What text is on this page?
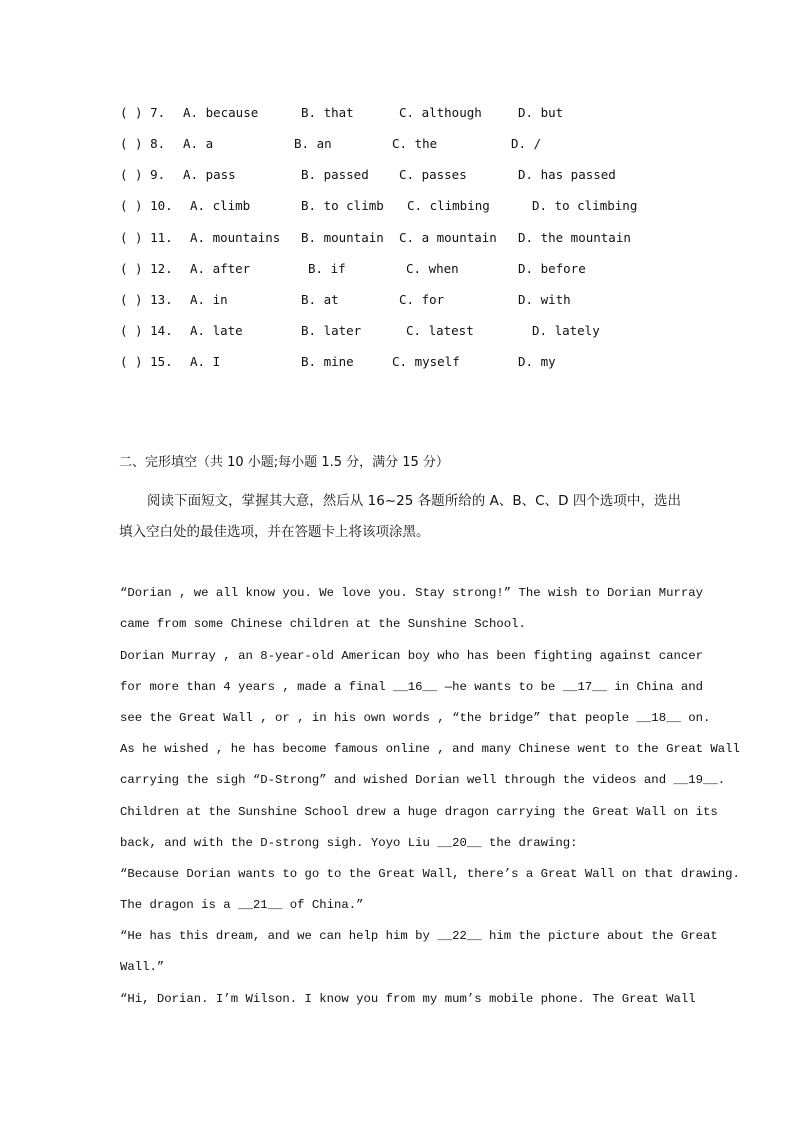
( ) 7. A. because	B. that	C. although	D. but
( ) 8. A. a	B. an	C. the	D. /
( ) 9. A. pass	B. passed C. passes	D. has passed
( ) 10. A. climb	B. to climb C. climbing	D. to climbing
( ) 11. A. mountains B. mountain C. a mountain D. the mountain
( ) 12. A. after	B. if	C. when	D. before
( ) 13. A. in	B. at	C. for	D. with
( ) 14. A. late	B. later	C. latest	D. lately
( ) 15. A. I	B. mine	C. myself	D. my
二、完形填空（共 10 小题;每小题 1.5 分，满分 15 分）
阅读下面短文，掌握其大意，然后从 16~25 各题所给的 A、B、C、D 四个选项中，选出填入空白处的最佳选项，并在答题卡上将该项涂黑。
“Dorian , we all know you. We love you. Stay strong!” The wish to Dorian Murray
came from some Chinese children at the Sunshine School.
Dorian Murray , an 8-year-old American boy who has been fighting against cancer
for more than 4 years , made a final __16__ —he wants to be __17__ in China and
see the Great Wall , or , in his own words , “the bridge” that people __18__ on.
As he wished , he has become famous online , and many Chinese went to the Great Wall
carrying the sigh “D-Strong” and wished Dorian well through the videos and __19__.
Children at the Sunshine School drew a huge dragon carrying the Great Wall on its
back, and with the D-strong sigh. Yoyo Liu __20__ the drawing:
“Because Dorian wants to go to the Great Wall, there’s a Great Wall on that drawing.
The dragon is a __21__ of China.”
“He has this dream, and we can help him by __22__ him the picture about the Great
Wall.”
“Hi, Dorian. I’m Wilson. I know you from my mum’s mobile phone. The Great Wall
